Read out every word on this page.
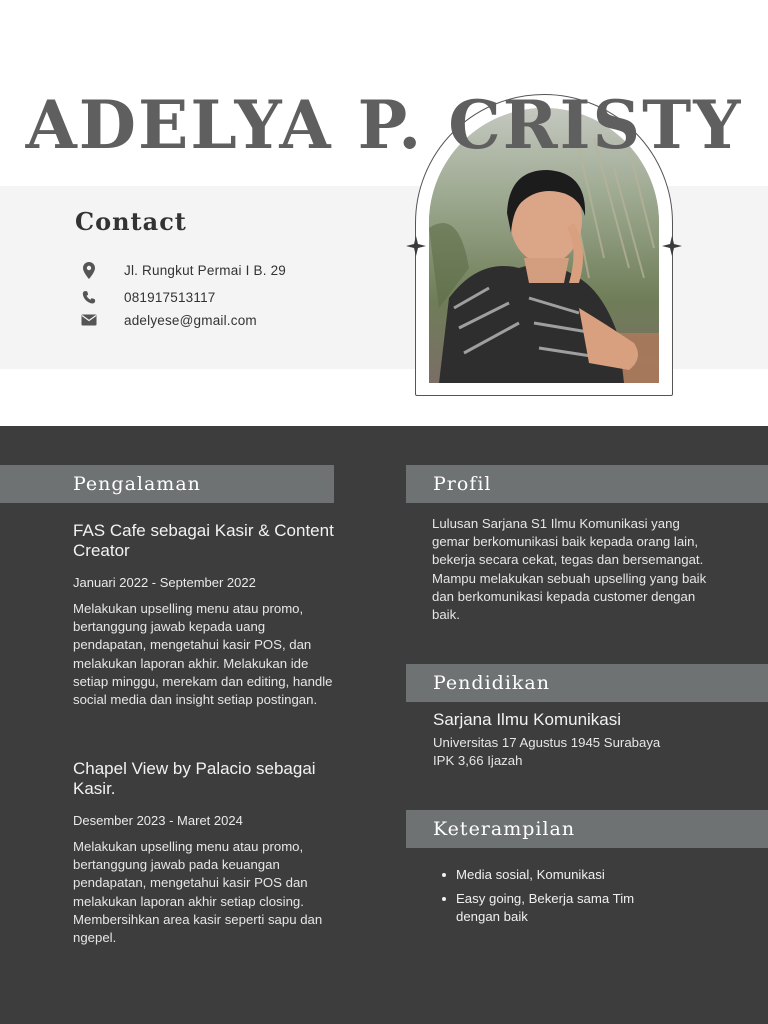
ADELYA P. CRISTY
Contact
Jl. Rungkut Permai I B. 29
081917513117
adelyese@gmail.com
Pengalaman
FAS Cafe sebagai Kasir & Content Creator
Januari 2022 - September 2022
Melakukan upselling menu atau promo, bertanggung jawab kepada uang pendapatan, mengetahui kasir POS, dan melakukan laporan akhir. Melakukan ide setiap minggu, merekam dan editing, handle social media dan insight setiap postingan.
Chapel View by Palacio sebagai Kasir.
Desember 2023 - Maret 2024
Melakukan upselling menu atau promo, bertanggung jawab pada keuangan pendapatan, mengetahui kasir POS dan melakukan laporan akhir setiap closing. Membersihkan area kasir seperti sapu dan ngepel.
Profil
Lulusan Sarjana S1 Ilmu Komunikasi yang gemar berkomunikasi baik kepada orang lain, bekerja secara cekat, tegas dan bersemangat. Mampu melakukan sebuah upselling yang baik dan berkomunikasi kepada customer dengan baik.
Pendidikan
Sarjana Ilmu Komunikasi
Universitas 17 Agustus 1945 Surabaya
IPK 3,66 Ijazah
Keterampilan
Media sosial, Komunikasi
Easy going, Bekerja sama Tim dengan baik
